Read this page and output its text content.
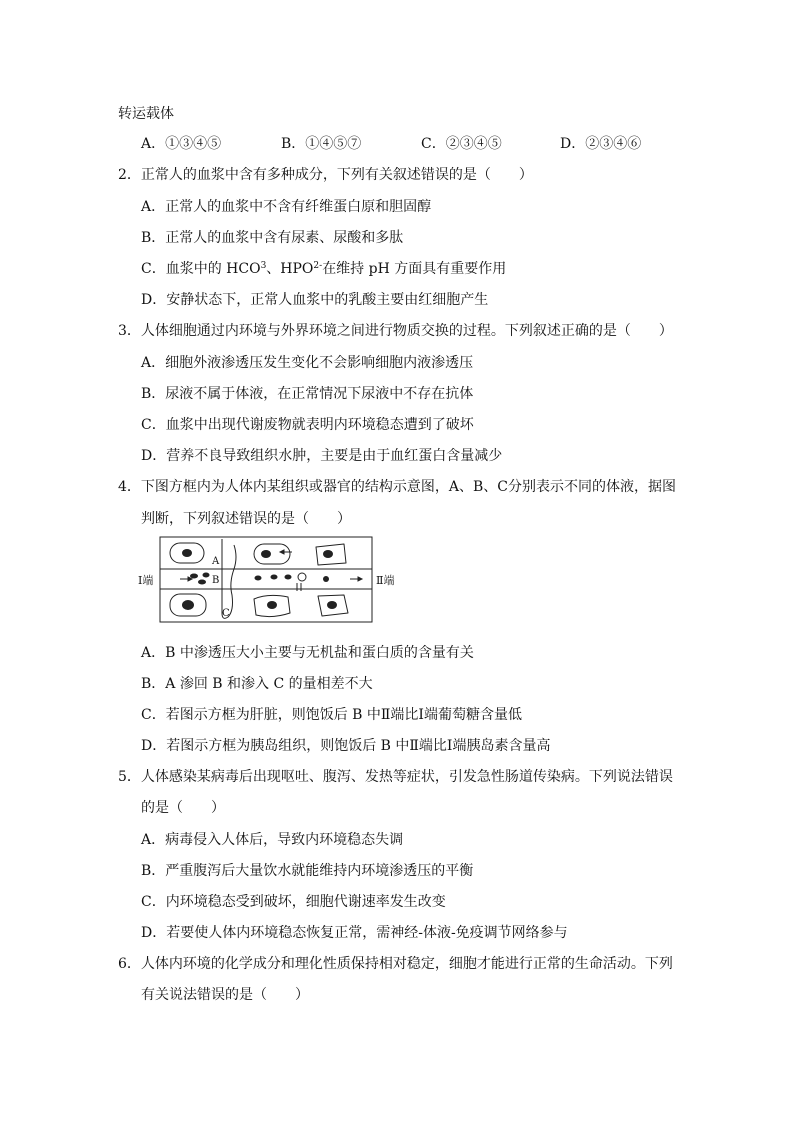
转运载体
A．①③④⑤	B．①④⑤⑦	C．②③④⑤	D．②③④⑥
2．正常人的血浆中含有多种成分，下列有关叙述错误的是（　　）
A．正常人的血浆中不含有纤维蛋白原和胆固醇
B．正常人的血浆中含有尿素、尿酸和多肽
C．血浆中的 HCO$^3$、$HPO^{2-}$在维持 pH 方面具有重要作用
D．安静状态下，正常人血浆中的乳酸主要由红细胞产生
3．人体细胞通过内环境与外界环境之间进行物质交换的过程。下列叙述正确的是（　　）
A．细胞外液渗透压发生变化不会影响细胞内液渗透压
B．尿液不属于体液，在正常情况下尿液中不存在抗体
C．血浆中出现代谢废物就表明内环境稳态遭到了破坏
D．营养不良导致组织水肿，主要是由于血红蛋白含量减少
4．下图方框内为人体内某组织或器官的结构示意图，A、B、C分别表示不同的体液，据图
判断，下列叙述错误的是（　　）
Ⅰ端	Ⅱ端
A
B
C
A．B 中渗透压大小主要与无机盐和蛋白质的含量有关
B．A 渗回 B 和渗入 C 的量相差不大
C．若图示方框为肝脏，则饱饭后 B 中Ⅱ端比Ⅰ端葡萄糖含量低
D．若图示方框为胰岛组织，则饱饭后 B 中Ⅱ端比Ⅰ端胰岛素含量高
5．人体感染某病毒后出现呕吐、腹泻、发热等症状，引发急性肠道传染病。下列说法错误
的是（　　）
A．病毒侵入人体后，导致内环境稳态失调
B．严重腹泻后大量饮水就能维持内环境渗透压的平衡
C．内环境稳态受到破坏，细胞代谢速率发生改变
D．若要使人体内环境稳态恢复正常，需神经-体液-免疫调节网络参与
6．人体内环境的化学成分和理化性质保持相对稳定，细胞才能进行正常的生命活动。下列
有关说法错误的是（　　）
